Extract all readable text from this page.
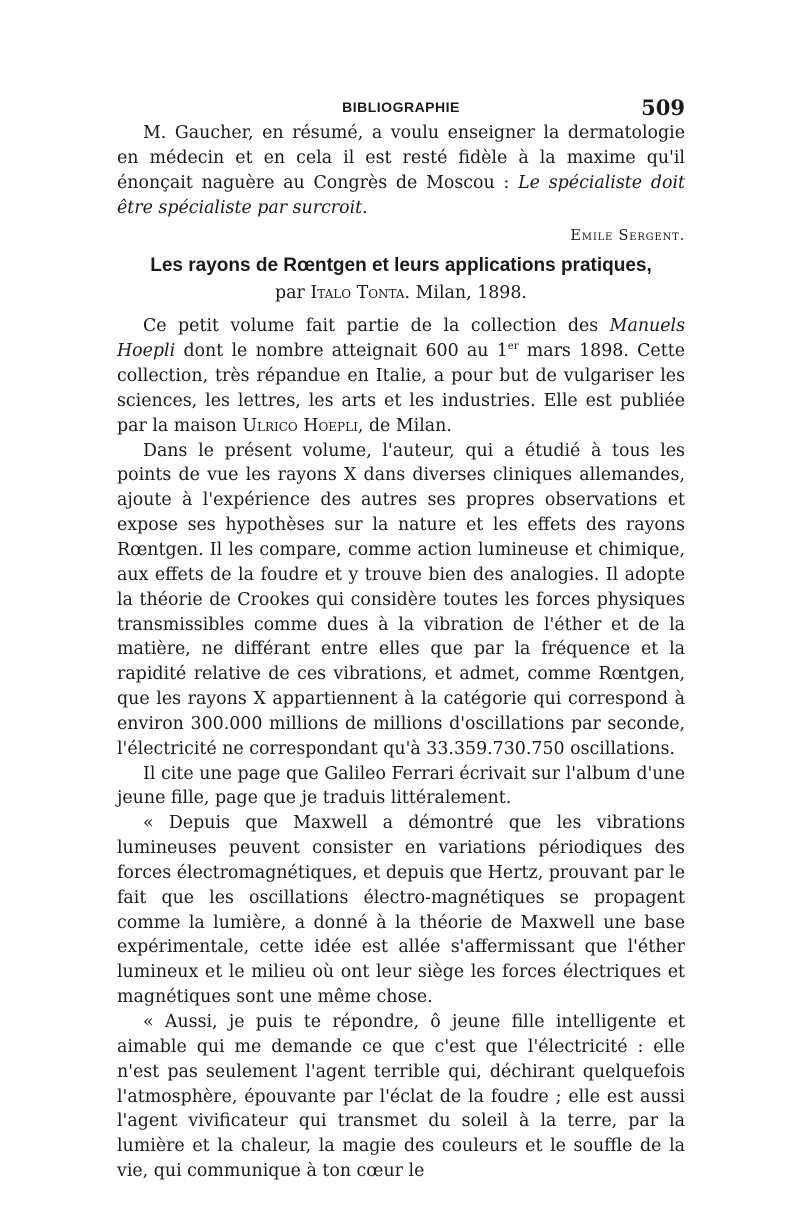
BIBLIOGRAPHIE	509

M. Gaucher, en résumé, a voulu enseigner la dermatologie en médecin et en cela il est resté fidèle à la maxime qu'il énonçait naguère au Congrès de Moscou : Le spécialiste doit être spécialiste par surcroit.

Emile Sergent.
Les rayons de Rœntgen et leurs applications pratiques,
par Italo Tonta. Milan, 1898.

Ce petit volume fait partie de la collection des Manuels Hoepli dont le nombre atteignait 600 au 1er mars 1898. Cette collection, très répandue en Italie, a pour but de vulgariser les sciences, les lettres, les arts et les industries. Elle est publiée par la maison Ulrico Hoepli, de Milan.

Dans le présent volume, l'auteur, qui a étudié à tous les points de vue les rayons X dans diverses cliniques allemandes, ajoute à l'expérience des autres ses propres observations et expose ses hypothèses sur la nature et les effets des rayons Rœntgen. Il les compare, comme action lumineuse et chimique, aux effets de la foudre et y trouve bien des analogies. Il adopte la théorie de Crookes qui considère toutes les forces physiques transmissibles comme dues à la vibration de l'éther et de la matière, ne différant entre elles que par la fréquence et la rapidité relative de ces vibrations, et admet, comme Rœntgen, que les rayons X appartiennent à la catégorie qui correspond à environ 300.000 millions de millions d'oscillations par seconde, l'électricité ne correspondant qu'à 33.359.730.750 oscillations.

Il cite une page que Galileo Ferrari écrivait sur l'album d'une jeune fille, page que je traduis littéralement.

« Depuis que Maxwell a démontré que les vibrations lumineuses peuvent consister en variations périodiques des forces électromagnétiques, et depuis que Hertz, prouvant par le fait que les oscillations électro-magnétiques se propagent comme la lumière, a donné à la théorie de Maxwell une base expérimentale, cette idée est allée s'affermissant que l'éther lumineux et le milieu où ont leur siège les forces électriques et magnétiques sont une même chose.

« Aussi, je puis te répondre, ô jeune fille intelligente et aimable qui me demande ce que c'est que l'électricité : elle n'est pas seulement l'agent terrible qui, déchirant quelquefois l'atmosphère, épouvante par l'éclat de la foudre ; elle est aussi l'agent vivificateur qui transmet du soleil à la terre, par la lumière et la chaleur, la magie des couleurs et le souffle de la vie, qui communique à ton cœur le
